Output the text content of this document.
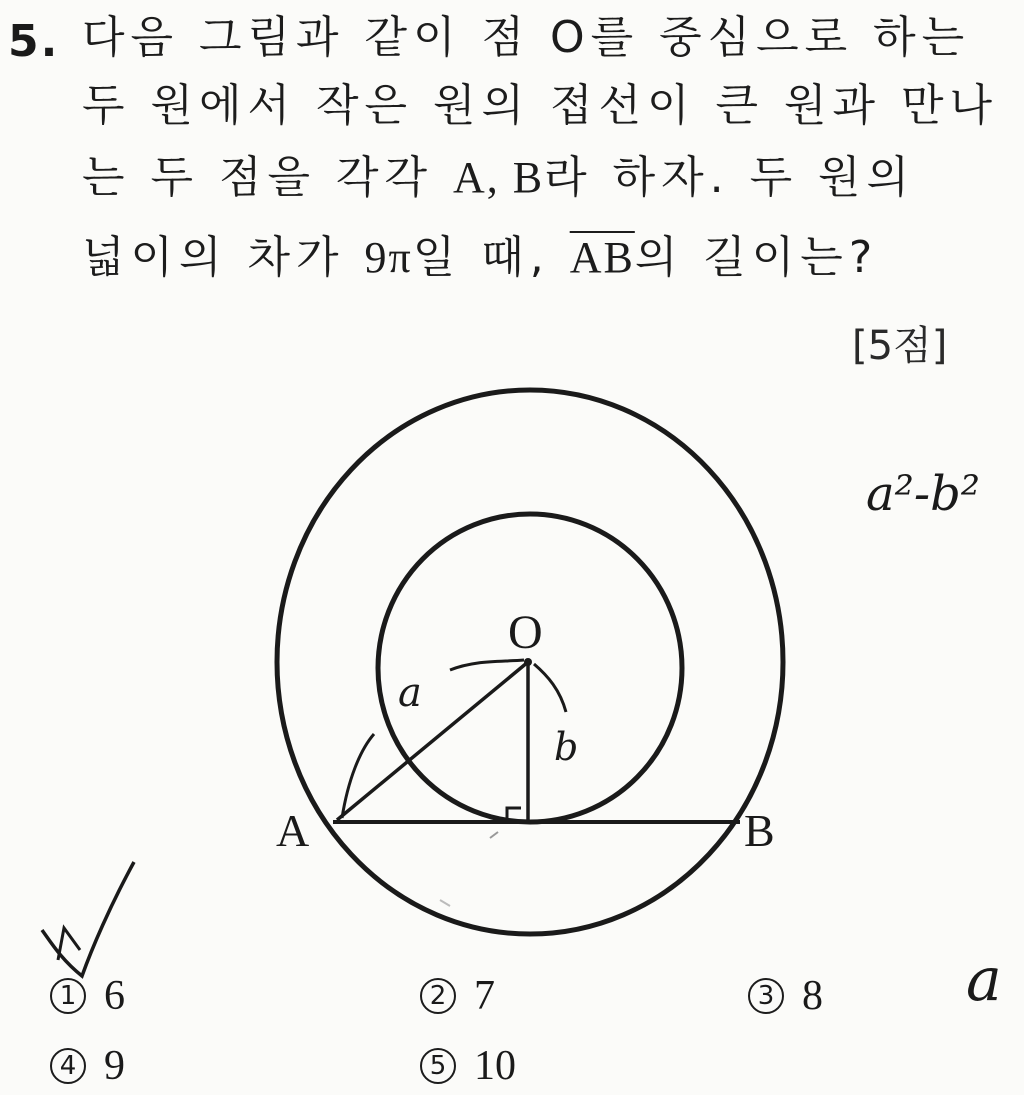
5. 다음 그림과 같이 점 O를 중심으로 하는
두 원에서 작은 원의 접선이 큰 원과 만나
는 두 점을 각각 A, B라 하자. 두 원의
넓이의 차가 9π일 때, $\overline{AB}$의 길이는?
[5점]
O
A	B
a
b
a²-b²
a
1 6	2 7	3 8
4 9	5 10
